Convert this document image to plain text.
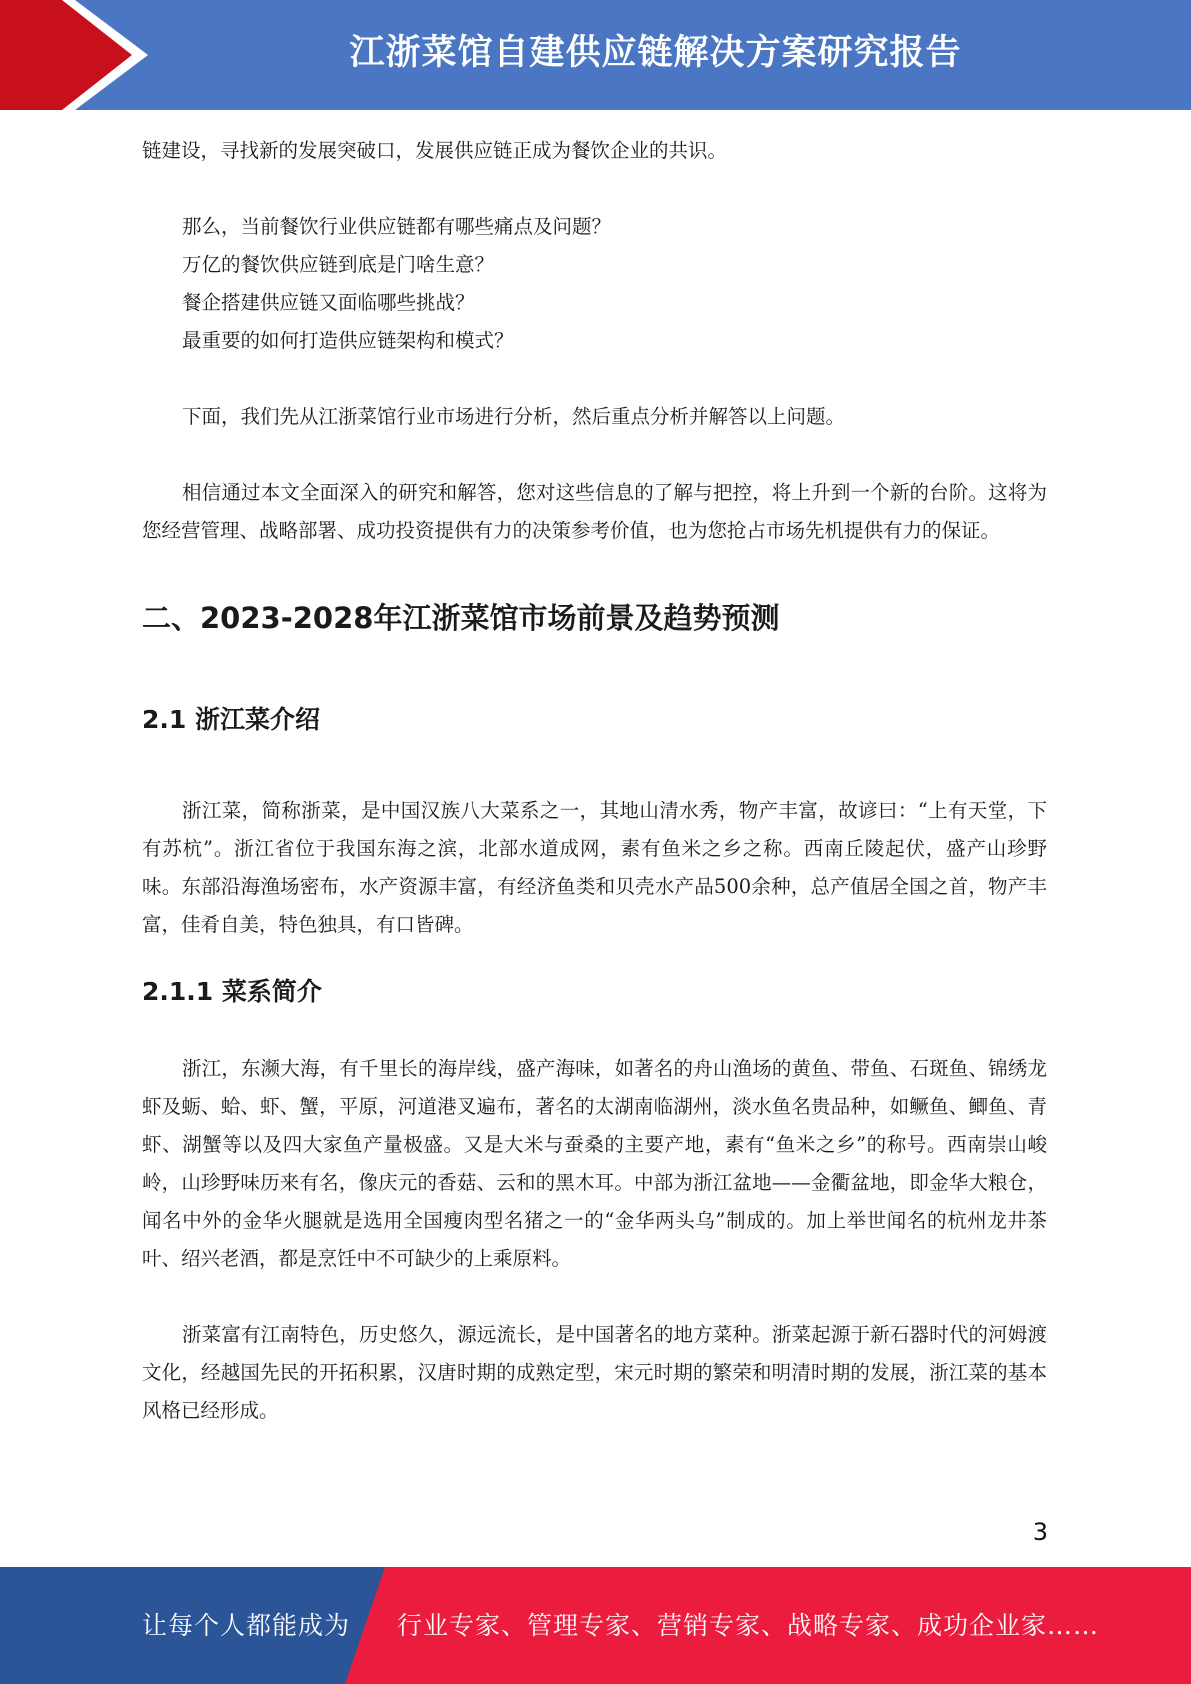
江浙菜馆自建供应链解决方案研究报告

链建设，寻找新的发展突破口，发展供应链正成为餐饮企业的共识。

那么，当前餐饮行业供应链都有哪些痛点及问题？

万亿的餐饮供应链到底是门啥生意？

餐企搭建供应链又面临哪些挑战？

最重要的如何打造供应链架构和模式？

下面，我们先从江浙菜馆行业市场进行分析，然后重点分析并解答以上问题。

相信通过本文全面深入的研究和解答，您对这些信息的了解与把控，将上升到一个新的台阶。这将为您经营管理、战略部署、成功投资提供有力的决策参考价值，也为您抢占市场先机提供有力的保证。

二、2023-2028年江浙菜馆市场前景及趋势预测
2.1 浙江菜介绍

浙江菜，简称浙菜，是中国汉族八大菜系之一，其地山清水秀，物产丰富，故谚曰：“上有天堂，下有苏杭”。浙江省位于我国东海之滨，北部水道成网，素有鱼米之乡之称。西南丘陵起伏，盛产山珍野味。东部沿海渔场密布，水产资源丰富，有经济鱼类和贝壳水产品500余种，总产值居全国之首，物产丰富，佳肴自美，特色独具，有口皆碑。

2.1.1 菜系简介

浙江，东濒大海，有千里长的海岸线，盛产海味，如著名的舟山渔场的黄鱼、带鱼、石斑鱼、锦绣龙虾及蛎、蛤、虾、蟹，平原，河道港叉遍布，著名的太湖南临湖州，淡水鱼名贵品种，如鳜鱼、鲫鱼、青虾、湖蟹等以及四大家鱼产量极盛。又是大米与蚕桑的主要产地，素有“鱼米之乡”的称号。西南崇山峻岭，山珍野味历来有名，像庆元的香菇、云和的黑木耳。中部为浙江盆地——金衢盆地，即金华大粮仓，闻名中外的金华火腿就是选用全国瘦肉型名猪之一的“金华两头乌”制成的。加上举世闻名的杭州龙井茶叶、绍兴老酒，都是烹饪中不可缺少的上乘原料。

浙菜富有江南特色，历史悠久，源远流长，是中国著名的地方菜种。浙菜起源于新石器时代的河姆渡文化，经越国先民的开拓积累，汉唐时期的成熟定型，宋元时期的繁荣和明清时期的发展，浙江菜的基本风格已经形成。

3
让每个人都能成为 行业专家、管理专家、营销专家、战略专家、成功企业家……
